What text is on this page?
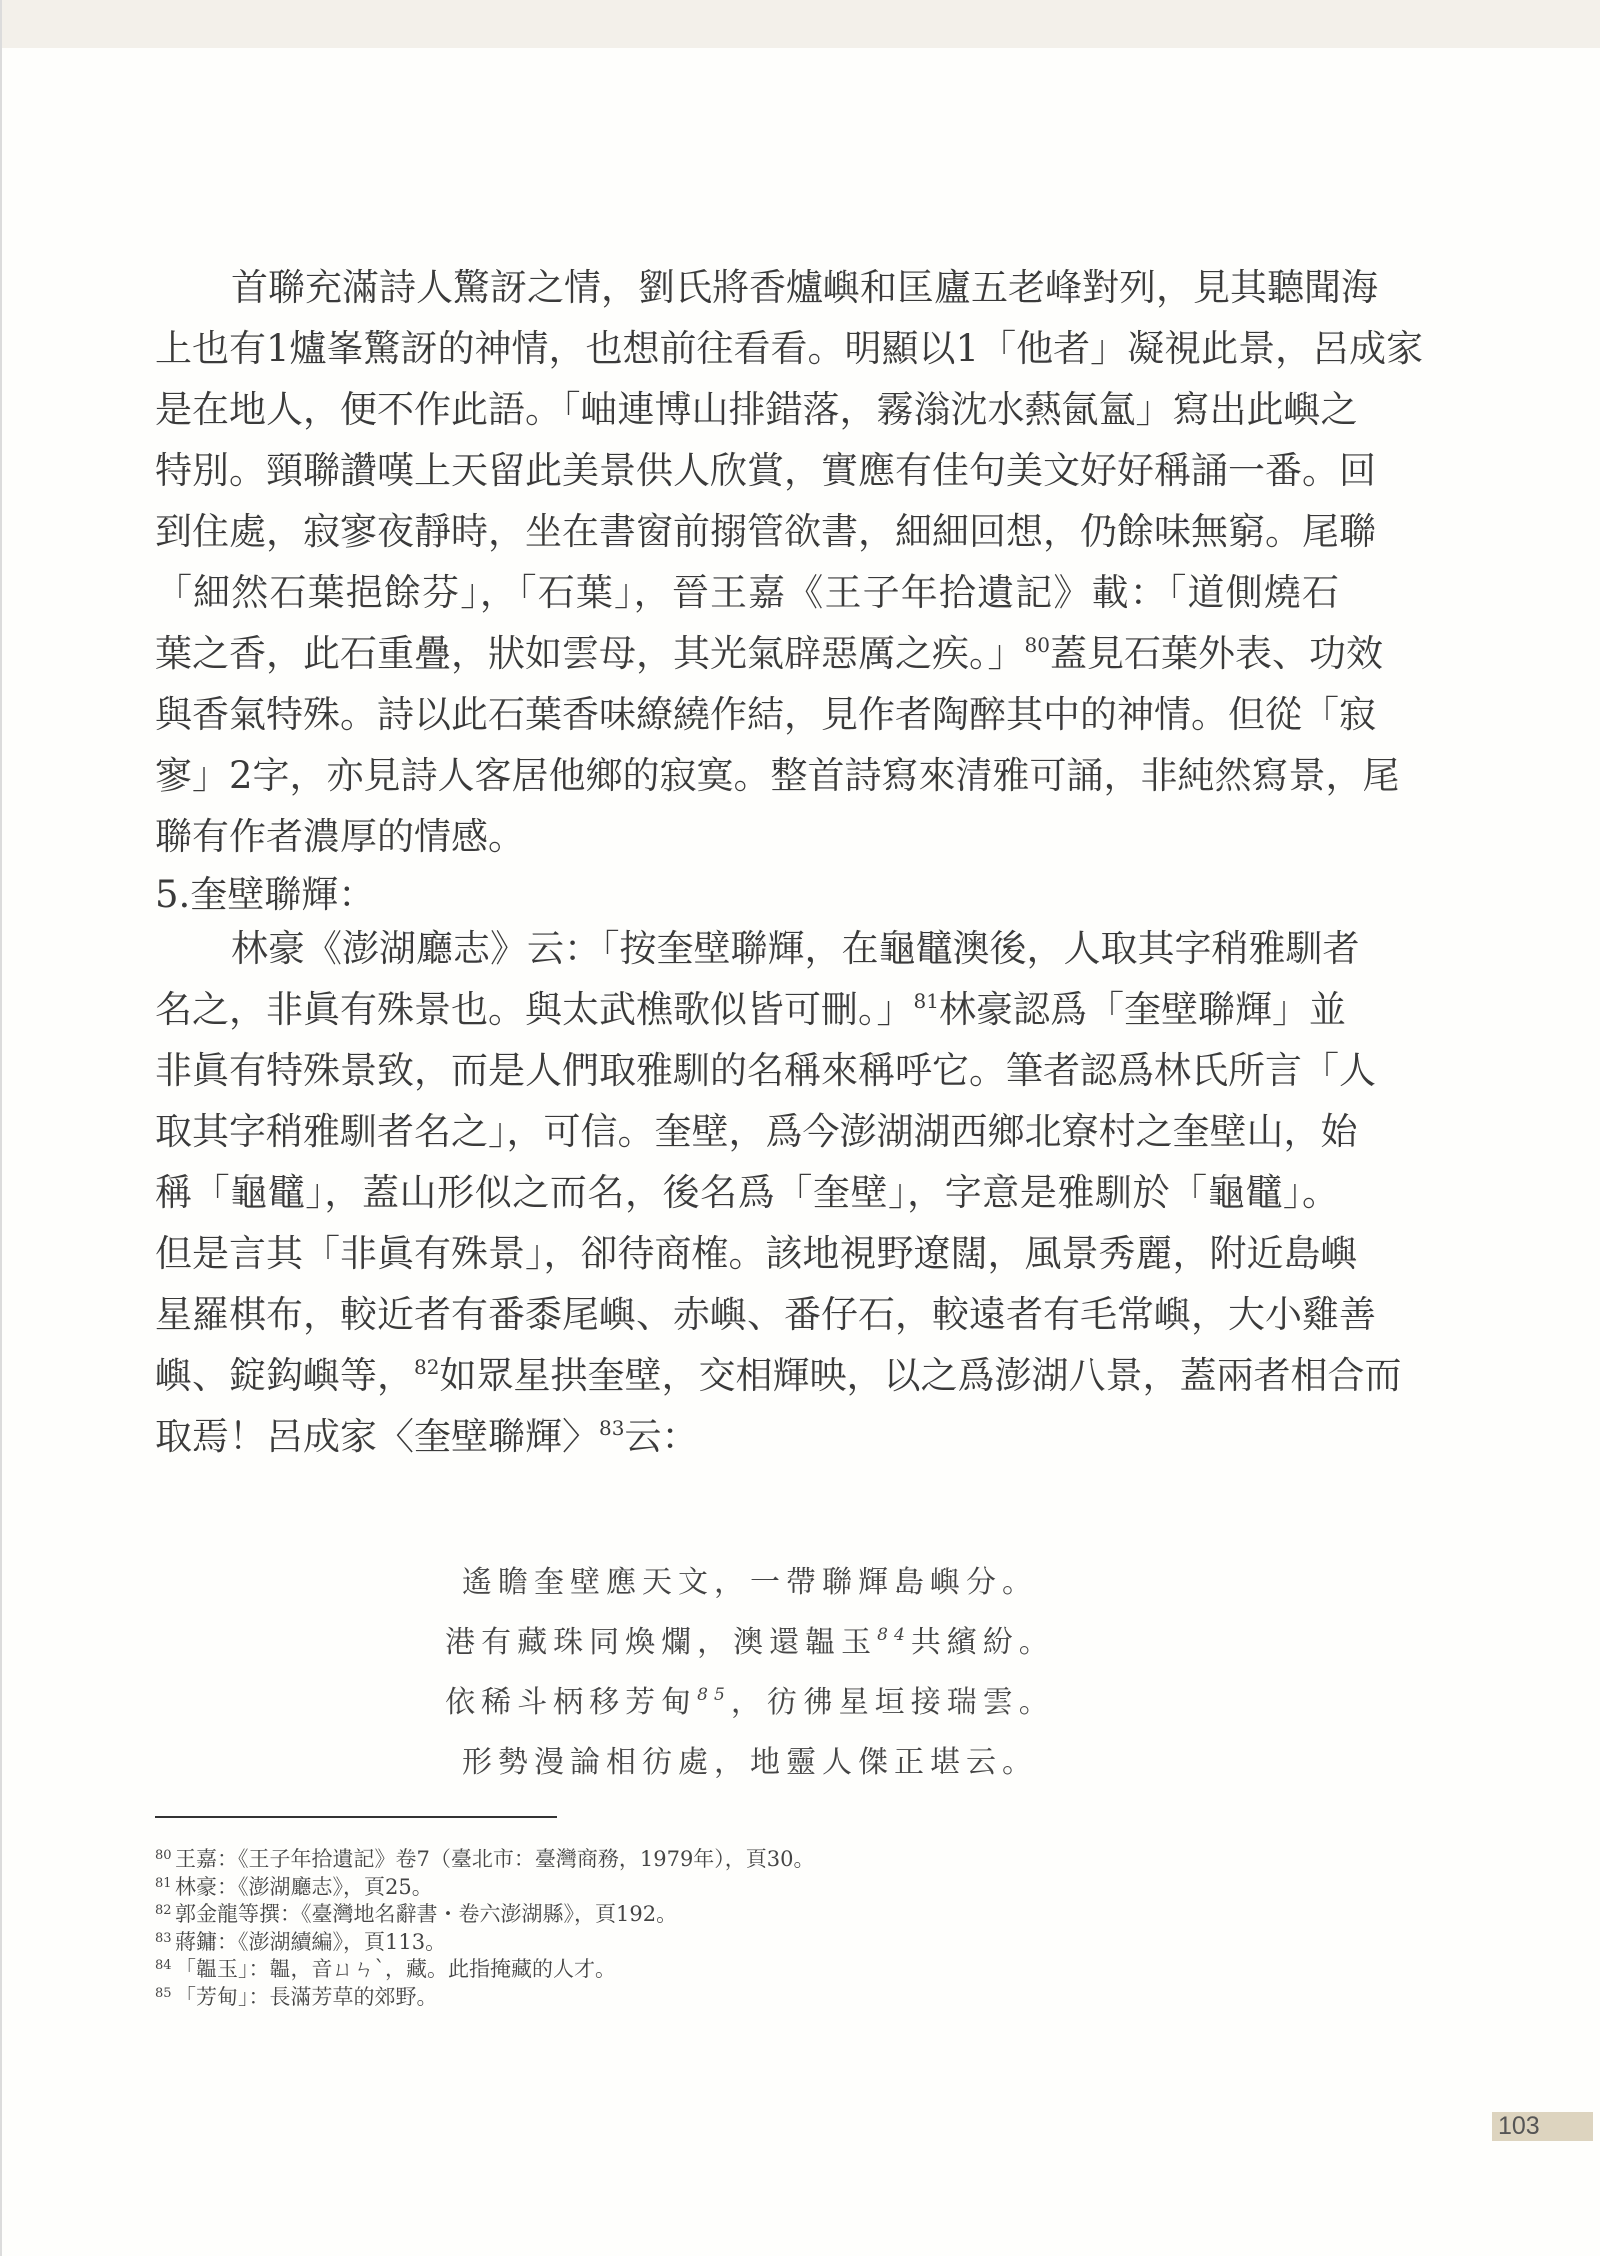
首聯充滿詩人驚訝之情，劉氏將香爐嶼和匡廬五老峰對列，見其聽聞海
上也有1爐峯驚訝的神情，也想前往看看。明顯以1「他者」凝視此景，呂成家
是在地人，便不作此語。「岫連博山排錯落，霧滃沈水爇氤氳」寫出此嶼之
特別。頸聯讚嘆上天留此美景供人欣賞，實應有佳句美文好好稱誦一番。回
到住處，寂寥夜靜時，坐在書窗前搦管欲書，細細回想，仍餘味無窮。尾聯
「細然石葉挹餘芬」，「石葉」，晉王嘉《王子年拾遺記》載：「道側燒石
葉之香，此石重疊，狀如雲母，其光氣辟惡厲之疾。」$^{80}$蓋見石葉外表、功效
與香氣特殊。詩以此石葉香味繚繞作結，見作者陶醉其中的神情。但從「寂
寥」2字，亦見詩人客居他鄉的寂寞。整首詩寫來清雅可誦，非純然寫景，尾
聯有作者濃厚的情感。
5.奎壁聯輝：
林豪《澎湖廳志》云：「按奎壁聯輝，在龜鼊澳後，人取其字稍雅馴者
名之，非眞有殊景也。與太武樵歌似皆可刪。」$^{81}$林豪認爲「奎壁聯輝」並
非眞有特殊景致，而是人們取雅馴的名稱來稱呼它。筆者認爲林氏所言「人
取其字稍雅馴者名之」，可信。奎壁，爲今澎湖湖西鄉北寮村之奎壁山，始
稱「龜鼊」，蓋山形似之而名，後名爲「奎壁」，字意是雅馴於「龜鼊」。
但是言其「非眞有殊景」，卻待商榷。該地視野遼闊，風景秀麗，附近島嶼
星羅棋布，較近者有番黍尾嶼、赤嶼、番仔石，較遠者有毛常嶼，大小雞善
嶼、錠鈎嶼等，$^{82}$如眾星拱奎壁，交相輝映，以之爲澎湖八景，蓋兩者相合而
取焉！呂成家〈奎壁聯輝〉$^{83}$云：
遙瞻奎壁應天文，一帶聯輝島嶼分。
港有藏珠同煥爛，澳還韞玉$^{84}$共繽紛。
依稀斗柄移芳甸$^{85}$，彷彿星垣接瑞雲。
形勢漫論相彷處，地靈人傑正堪云。
80 王嘉：《王子年拾遺記》卷7（臺北市：臺灣商務，1979年），頁30。
81 林豪：《澎湖廳志》，頁25。
82 郭金龍等撰：《臺灣地名辭書・卷六澎湖縣》，頁192。
83 蔣鏞：《澎湖續編》，頁113。
84 「韞玉」：韞，音ㄩㄣˋ，藏。此指掩藏的人才。
85 「芳甸」：長滿芳草的郊野。
103
